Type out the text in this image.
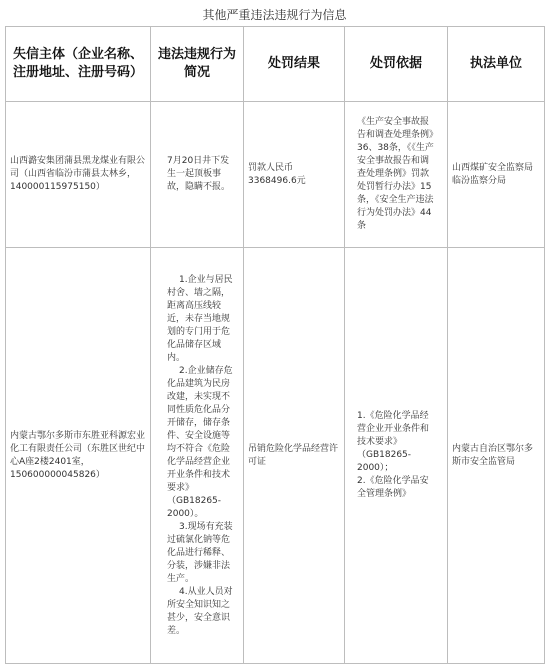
其他严重违法违规行为信息
失信主体（企业名称、注册地址、注册号码）	违法违规行为简况	处罚结果	处罚依据	执法单位
山西潞安集团蒲县黑龙煤业有限公司（山西省临汾市蒲县太林乡，140000115975150）	7月20日井下发生一起顶板事故，隐瞒不报。	罚款人民币3368496.6元	《生产安全事故报告和调查处理条例》36、38条，《《生产安全事故报告和调查处理条例》罚款处罚暂行办法》15条，《安全生产违法行为处罚办法》44条	山西煤矿安全监察局临汾监察分局
内蒙古鄂尔多斯市东胜亚科源宏业化工有限责任公司（东胜区世纪中心A座2楼2401室，150600000045826）	1.企业与居民村舍、墙之隔，距离高压线较近，未存当地规划的专门用于危化品储存区域内。
2.企业储存危化品建筑为民房改建，未实现不同性质危化品分开储存，储存条件、安全设施等均不符合《危险化学品经营企业开业条件和技术要求》（GB18265-2000）。
3.现场有充装过硫氯化钠等危化品进行稀释、分装，涉嫌非法生产。
4.从业人员对所安全知识知之甚少，安全意识差。	吊销危险化学品经营许可证	1.《危险化学品经营企业开业条件和技术要求》（GB18265-2000）；
2.《危险化学品安全管理条例》	内蒙古自治区鄂尔多斯市安全监管局
